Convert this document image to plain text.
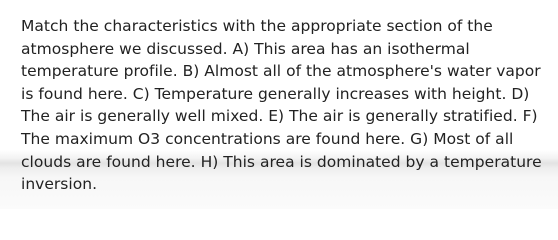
Match the characteristics with the appropriate section of the atmosphere we discussed. A) This area has an isothermal temperature profile. B) Almost all of the atmosphere's water vapor is found here. C) Temperature generally increases with height. D) The air is generally well mixed. E) The air is generally stratified. F) The maximum O3 concentrations are found here. G) Most of all clouds are found here. H) This area is dominated by a temperature inversion.
